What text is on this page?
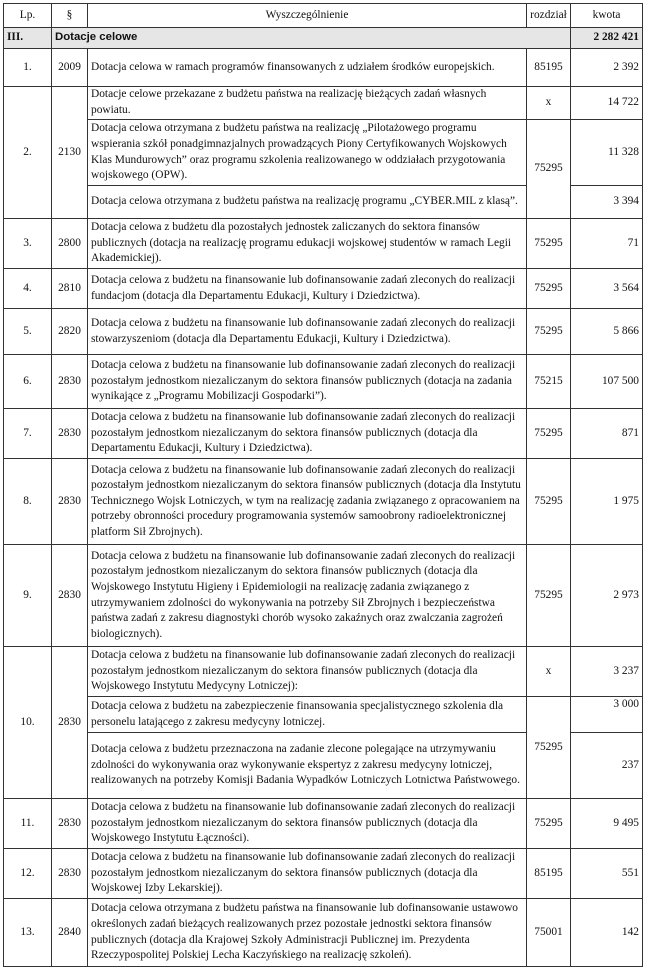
Lp.	§	Wyszczególnienie	rozdział	kwota
III.	Dotacje celowe			2 282 421
1.	2009	Dotacja celowa w ramach programów finansowanych z udziałem środków europejskich.	85195	2 392
2.	2130	Dotacje celowe przekazane z budżetu państwa na realizację bieżących zadań własnych powiatu.	x	14 722
		Dotacja celowa otrzymana z budżetu państwa na realizację „Pilotażowego programu wspierania szkół ponadgimnazjalnych prowadzących Piony Certyfikowanych Wojskowych Klas Mundurowych” oraz programu szkolenia realizowanego w oddziałach przygotowania wojskowego (OPW).	75295	11 328
		Dotacja celowa otrzymana z budżetu państwa na realizację programu „CYBER.MIL z klasą”.		3 394
3.	2800	Dotacja celowa z budżetu dla pozostałych jednostek zaliczanych do sektora finansów publicznych (dotacja na realizację programu edukacji wojskowej studentów w ramach Legii Akademickiej).	75295	71
4.	2810	Dotacja celowa z budżetu na finansowanie lub dofinansowanie zadań zleconych do realizacji fundacjom (dotacja dla Departamentu Edukacji, Kultury i Dziedzictwa).	75295	3 564
5.	2820	Dotacja celowa z budżetu na finansowanie lub dofinansowanie zadań zleconych do realizacji stowarzyszeniom (dotacja dla Departamentu Edukacji, Kultury i Dziedzictwa).	75295	5 866
6.	2830	Dotacja celowa z budżetu na finansowanie lub dofinansowanie zadań zleconych do realizacji pozostałym jednostkom niezaliczanym do sektora finansów publicznych (dotacja na zadania wynikające z „Programu Mobilizacji Gospodarki”).	75215	107 500
7.	2830	Dotacja celowa z budżetu na finansowanie lub dofinansowanie zadań zleconych do realizacji pozostałym jednostkom niezaliczanym do sektora finansów publicznych (dotacja dla Departamentu Edukacji, Kultury i Dziedzictwa).	75295	871
8.	2830	Dotacja celowa z budżetu na finansowanie lub dofinansowanie zadań zleconych do realizacji pozostałym jednostkom niezaliczanym do sektora finansów publicznych (dotacja dla Instytutu Technicznego Wojsk Lotniczych, w tym na realizację zadania związanego z opracowaniem na potrzeby obronności procedury programowania systemów samoobrony radioelektronicznej platform Sił Zbrojnych).	75295	1 975
9.	2830	Dotacja celowa z budżetu na finansowanie lub dofinansowanie zadań zleconych do realizacji pozostałym jednostkom niezaliczanym do sektora finansów publicznych (dotacja dla Wojskowego Instytutu Higieny i Epidemiologii na realizację zadania związanego z utrzymywaniem zdolności do wykonywania na potrzeby Sił Zbrojnych i bezpieczeństwa państwa zadań z zakresu diagnostyki chorób wysoko zakaźnych oraz zwalczania zagrożeń biologicznych).	75295	2 973
10.	2830	Dotacja celowa z budżetu na finansowanie lub dofinansowanie zadań zleconych do realizacji pozostałym jednostkom niezaliczanym do sektora finansów publicznych (dotacja dla Wojskowego Instytutu Medycyny Lotniczej):	x	3 237
		Dotacja celowa z budżetu na zabezpieczenie finansowania specjalistycznego szkolenia dla personelu latającego z zakresu medycyny lotniczej.	75295	3 000
		Dotacja celowa z budżetu przeznaczona na zadanie zlecone polegające na utrzymywaniu zdolności do wykonywania oraz wykonywanie ekspertyz z zakresu medycyny lotniczej, realizowanych na potrzeby Komisji Badania Wypadków Lotniczych Lotnictwa Państwowego.		237
11.	2830	Dotacja celowa z budżetu na finansowanie lub dofinansowanie zadań zleconych do realizacji pozostałym jednostkom niezaliczanym do sektora finansów publicznych (dotacja dla Wojskowego Instytutu Łączności).	75295	9 495
12.	2830	Dotacja celowa z budżetu na finansowanie lub dofinansowanie zadań zleconych do realizacji pozostałym jednostkom niezaliczanym do sektora finansów publicznych (dotacja dla Wojskowej Izby Lekarskiej).	85195	551
13.	2840	Dotacja celowa otrzymana z budżetu państwa na finansowanie lub dofinansowanie ustawowo określonych zadań bieżących realizowanych przez pozostałe jednostki sektora finansów publicznych (dotacja dla Krajowej Szkoły Administracji Publicznej im. Prezydenta Rzeczypospolitej Polskiej Lecha Kaczyńskiego na realizację szkoleń).	75001	142
